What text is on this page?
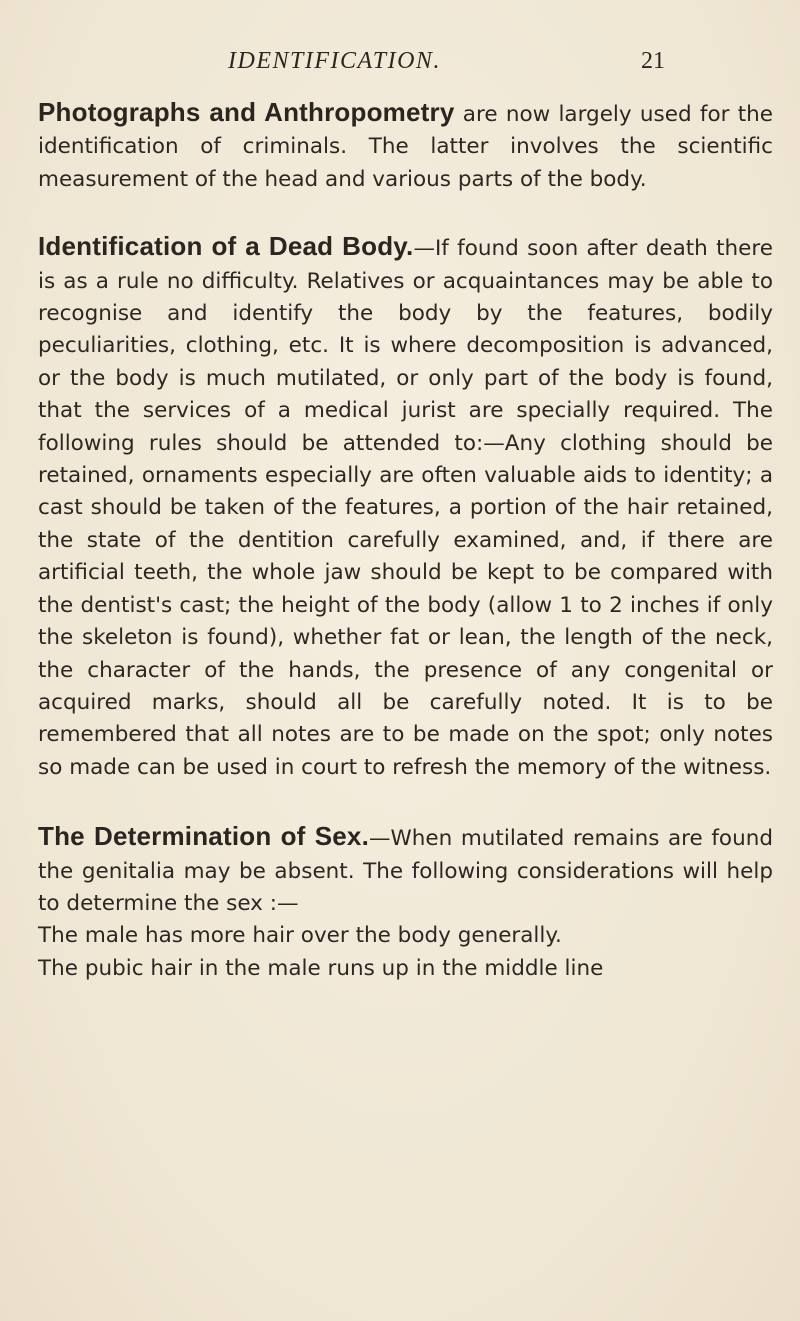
IDENTIFICATION.	21

Photographs and Anthropometry are now largely used for the identification of criminals. The latter involves the scientific measurement of the head and various parts of the body.

Identification of a Dead Body.—If found soon after death there is as a rule no difficulty. Relatives or acquaintances may be able to recognise and identify the body by the features, bodily peculiarities, clothing, etc. It is where decomposition is advanced, or the body is much mutilated, or only part of the body is found, that the services of a medical jurist are specially required. The following rules should be attended to:—Any clothing should be retained, ornaments especially are often valuable aids to identity; a cast should be taken of the features, a portion of the hair retained, the state of the dentition carefully examined, and, if there are artificial teeth, the whole jaw should be kept to be compared with the dentist's cast; the height of the body (allow 1 to 2 inches if only the skeleton is found), whether fat or lean, the length of the neck, the character of the hands, the presence of any congenital or acquired marks, should all be carefully noted. It is to be remembered that all notes are to be made on the spot; only notes so made can be used in court to refresh the memory of the witness.

The Determination of Sex.—When mutilated remains are found the genitalia may be absent. The following considerations will help to determine the sex :—

The male has more hair over the body generally.

The pubic hair in the male runs up in the middle line
